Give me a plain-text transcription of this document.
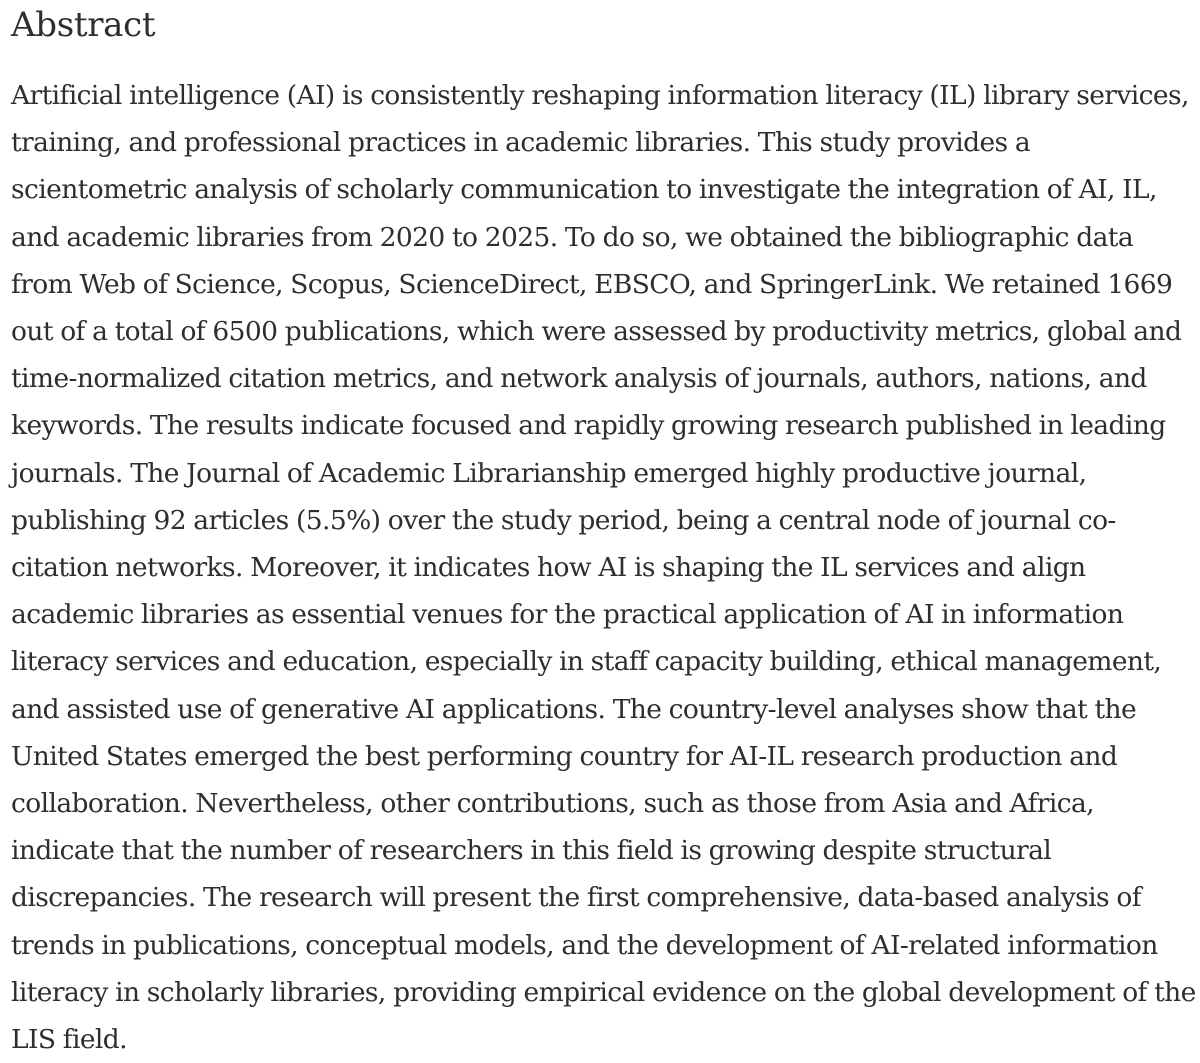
Abstract

Artificial intelligence (AI) is consistently reshaping information literacy (IL) library services, training, and professional practices in academic libraries. This study provides a scientometric analysis of scholarly communication to investigate the integration of AI, IL, and academic libraries from 2020 to 2025. To do so, we obtained the bibliographic data from Web of Science, Scopus, ScienceDirect, EBSCO, and SpringerLink. We retained 1669 out of a total of 6500 publications, which were assessed by productivity metrics, global and time-normalized citation metrics, and network analysis of journals, authors, nations, and keywords. The results indicate focused and rapidly growing research published in leading journals. The Journal of Academic Librarianship emerged highly productive journal, publishing 92 articles (5.5%) over the study period, being a central node of journal co-citation networks. Moreover, it indicates how AI is shaping the IL services and align academic libraries as essential venues for the practical application of AI in information literacy services and education, especially in staff capacity building, ethical management, and assisted use of generative AI applications. The country-level analyses show that the United States emerged the best performing country for AI-IL research production and collaboration. Nevertheless, other contributions, such as those from Asia and Africa, indicate that the number of researchers in this field is growing despite structural discrepancies. The research will present the first comprehensive, data-based analysis of trends in publications, conceptual models, and the development of AI-related information literacy in scholarly libraries, providing empirical evidence on the global development of the LIS field.
